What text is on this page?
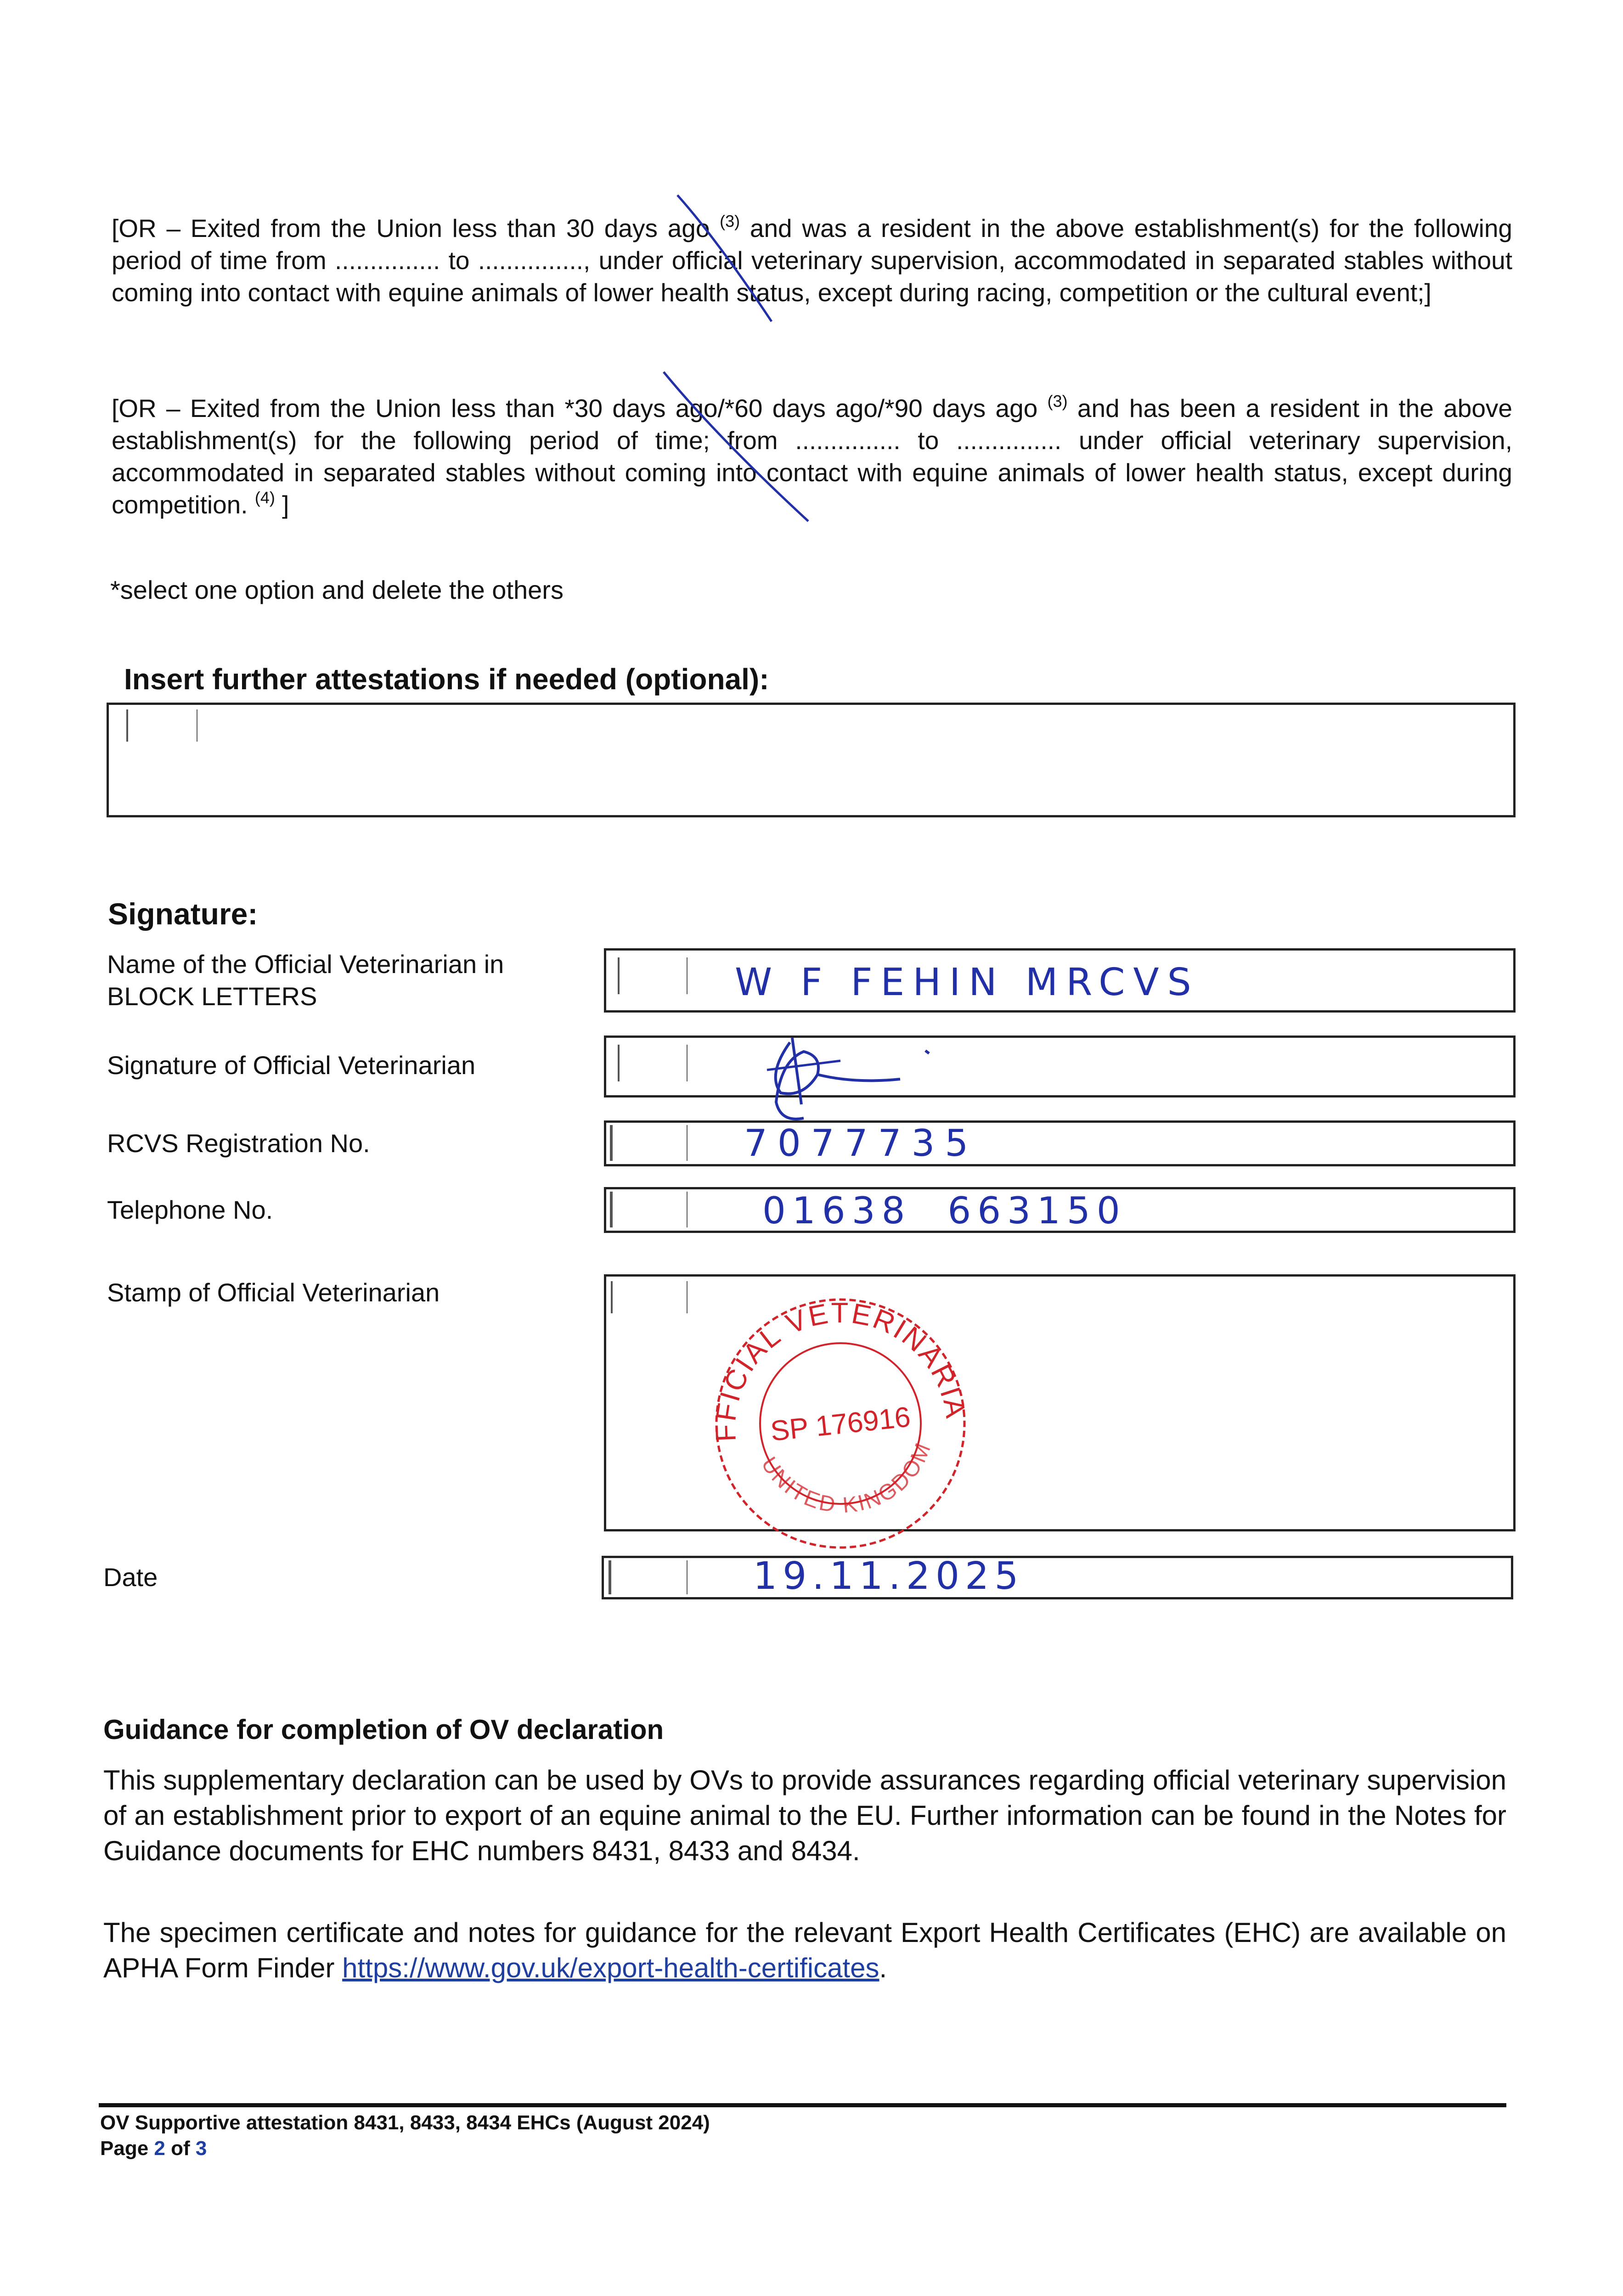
[OR – Exited from the Union less than 30 days ago $^{(3)}$ and was a resident in the above establishment(s) for the following period of time from ............... to ..............., under official veterinary supervision, accommodated in separated stables without coming into contact with equine animals of lower health status, except during racing, competition or the cultural event;]
[OR – Exited from the Union less than *30 days ago/*60 days ago/*90 days ago $^{(3)}$ and has been a resident in the above establishment(s) for the following period of time; from ............... to ............... under official veterinary supervision, accommodated in separated stables without coming into contact with equine animals of lower health status, except during competition. $^{(4)}$ ]
*select one option and delete the others
Insert further attestations if needed (optional):
Signature:
Name of the Official Veterinarian in BLOCK LETTERS	W F FEHIN MRCVS
Signature of Official Veterinarian
RCVS Registration No.	7077735
Telephone No.	01638  663150
Stamp of Official Veterinarian	OFFICIAL VETERINARIAN
UNITED KINGDOM
SP 176916
Date	19.11.2025
Guidance for completion of OV declaration
This supplementary declaration can be used by OVs to provide assurances regarding official veterinary supervision of an establishment prior to export of an equine animal to the EU. Further information can be found in the Notes for Guidance documents for EHC numbers 8431, 8433 and 8434.
The specimen certificate and notes for guidance for the relevant Export Health Certificates (EHC) are available on APHA Form Finder https://www.gov.uk/export-health-certificates.
OV Supportive attestation 8431, 8433, 8434 EHCs (August 2024)
Page 2 of 3
